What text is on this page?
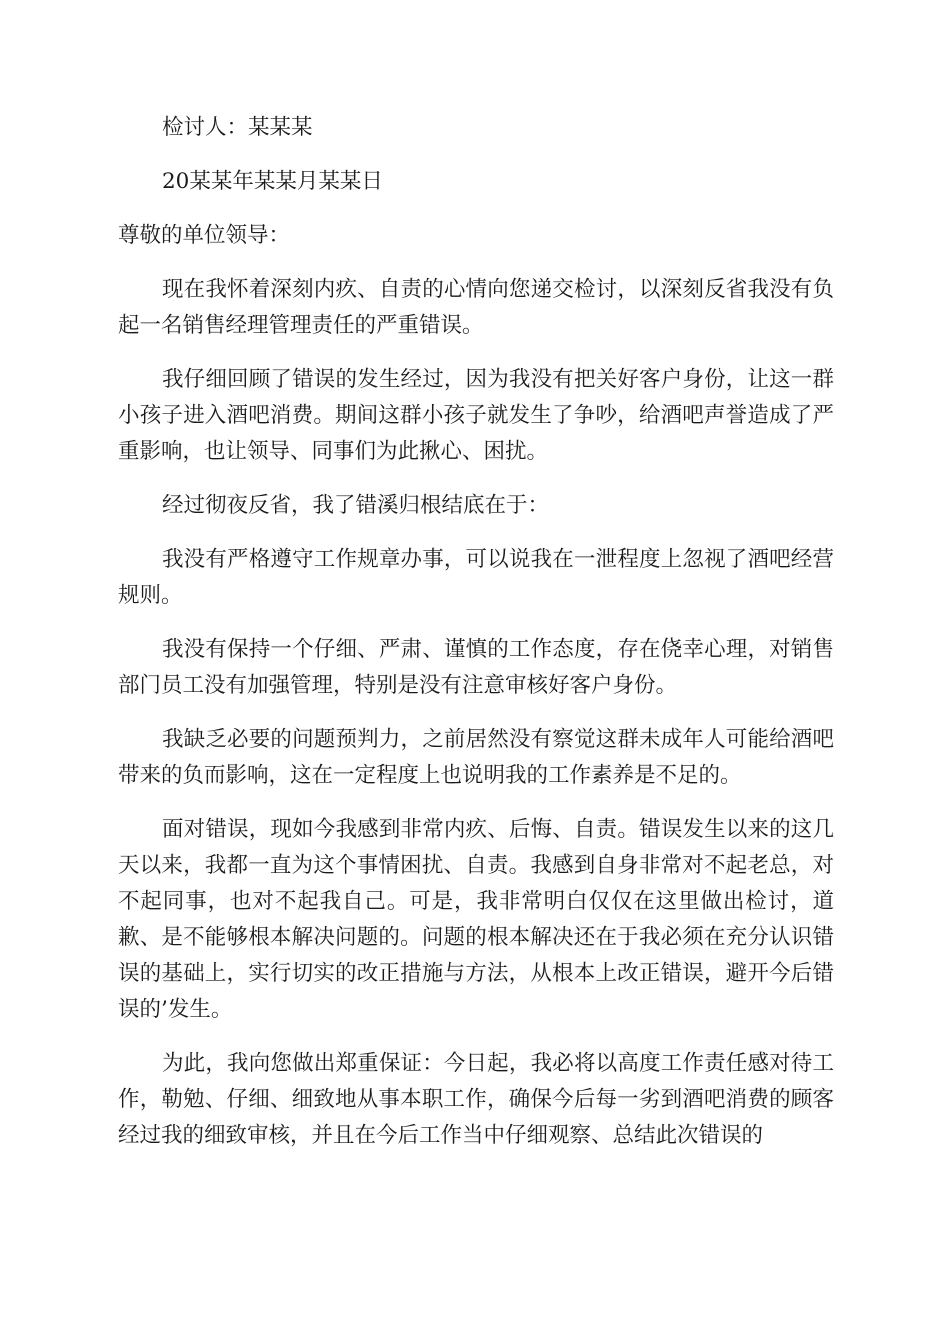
检讨人：某某某

20某某年某某月某某日

尊敬的单位领导：

现在我怀着深刻内疚、自责的心情向您递交检讨，以深刻反省我没有负起一名销售经理管理责任的严重错误。

我仔细回顾了错误的发生经过，因为我没有把关好客户身份，让这一群小孩子进入酒吧消费。期间这群小孩子就发生了争吵，给酒吧声誉造成了严重影响，也让领导、同事们为此揪心、困扰。

经过彻夜反省，我了错溪归根结底在于：

我没有严格遵守工作规章办事，可以说我在一泄程度上忽视了酒吧经营规则。

我没有保持一个仔细、严肃、谨慎的工作态度，存在侥幸心理，对销售部门员工没有加强管理，特别是没有注意审核好客户身份。

我缺乏必要的问题预判力，之前居然没有察觉这群未成年人可能给酒吧带来的负而影响，这在一定程度上也说明我的工作素养是不足的。

面对错误，现如今我感到非常内疚、后悔、自责。错误发生以来的这几天以来，我都一直为这个事情困扰、自责。我感到自身非常对不起老总，对不起同事，也对不起我自己。可是，我非常明白仅仅在这里做出检讨，道歉、是不能够根本解决问题的。问题的根本解决还在于我必须在充分认识错误的基础上，实行切实的改正措施与方法，从根本上改正错误，避开今后错误的’发生。

为此，我向您做出郑重保证：今日起，我必将以高度工作责任感对待工作，勒勉、仔细、细致地从事本职工作，确保今后每一劣到酒吧消费的顾客经过我的细致审核，并且在今后工作当中仔细观察、总结此次错误的
